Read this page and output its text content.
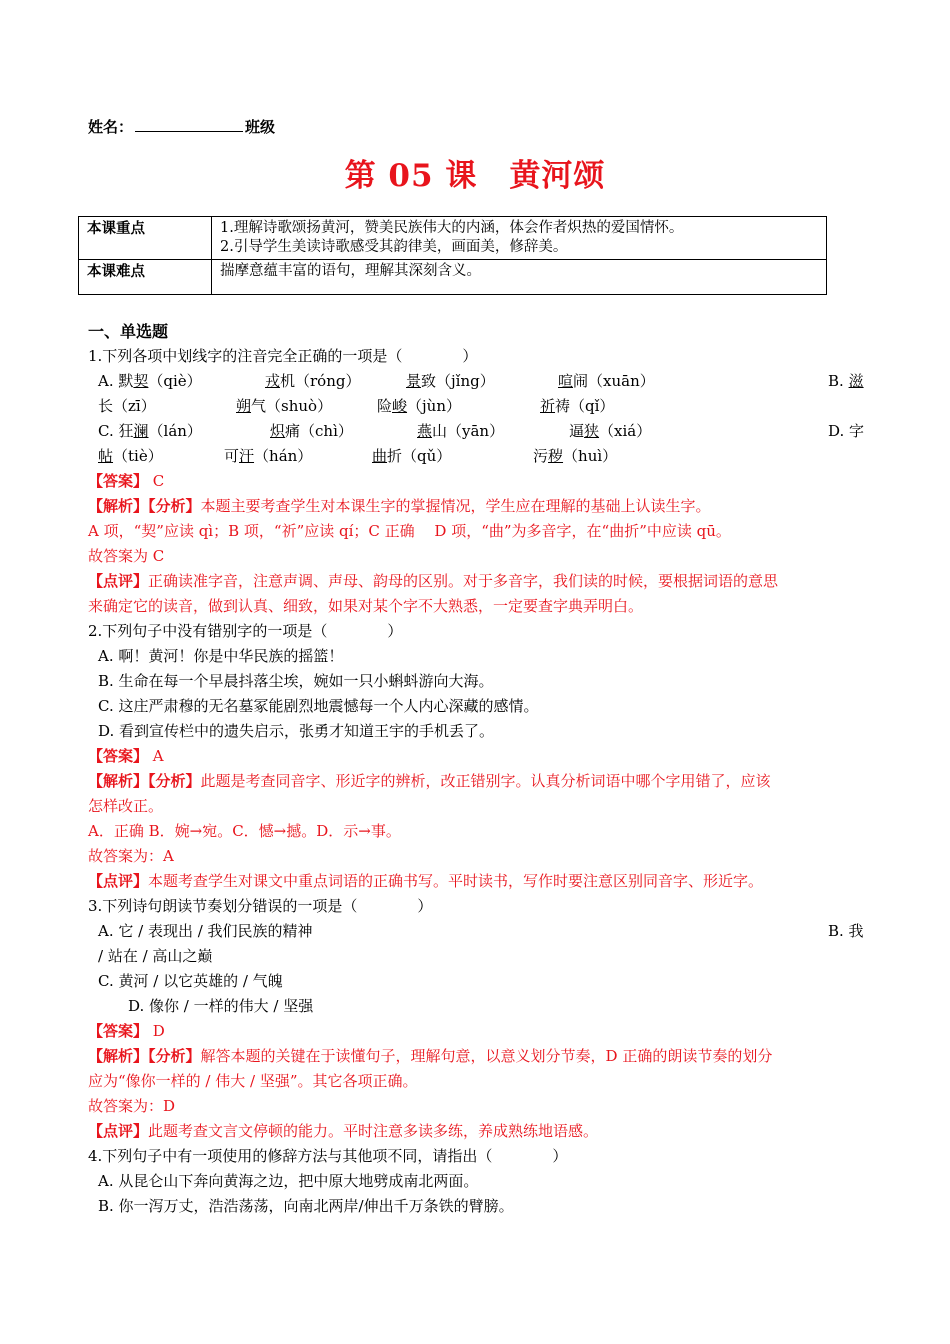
姓名：	班级
第 05 课　黄河颂
本课重点	1.理解诗歌颂扬黄河，赞美民族伟大的内涵，体会作者炽热的爱国情怀。
2.引导学生美读诗歌感受其韵律美，画面美，修辞美。

本课难点	揣摩意蕴丰富的语句，理解其深刻含义。
一、单选题
1.下列各项中划线字的注音完全正确的一项是（　　　　）
A. 默契（qiè）	戎机（róng）	景致（jǐng）	喧闹（xuān）	B. 滋
长（zī）	朔气（shuò）	险峻（jùn）	祈祷（qǐ）
C. 狂澜（lán）	炽痛（chì）	燕山（yān）	逼狭（xiá）	D. 字
帖（tiè）	可汗（hán）	曲折（qǔ）	污秽（huì）
【答案】 C
【解析】【分析】本题主要考查学生对本课生字的掌握情况，学生应在理解的基础上认读生字。
A 项，“契”应读 qì；B 项，“祈”应读 qí；C 正确　 D 项，“曲”为多音字，在“曲折”中应读 qū。
故答案为 C
【点评】正确读准字音，注意声调、声母、韵母的区别。对于多音字，我们读的时候，要根据词语的意思
来确定它的读音，做到认真、细致，如果对某个字不大熟悉，一定要查字典弄明白。
2.下列句子中没有错别字的一项是（　　　　）
A. 啊！黄河！你是中华民族的摇篮！
B. 生命在每一个早晨抖落尘埃，婉如一只小蝌蚪游向大海。
C. 这庄严肃穆的无名墓冢能剧烈地震憾每一个人内心深藏的感情。
D. 看到宣传栏中的遗失启示，张勇才知道王宇的手机丢了。
【答案】 A
【解析】【分析】此题是考查同音字、形近字的辨析，改正错别字。认真分析词语中哪个字用错了，应该
怎样改正。
A．正确 B．婉→宛。C．憾→撼。D．示→事。
故答案为：A
【点评】本题考查学生对课文中重点词语的正确书写。平时读书，写作时要注意区别同音字、形近字。
3.下列诗句朗读节奏划分错误的一项是（　　　　）
A. 它 / 表现出 / 我们民族的精神	B. 我
/ 站在 / 高山之巅
C. 黄河 / 以它英雄的 / 气魄
D. 像你 / 一样的伟大 / 坚强
【答案】 D
【解析】【分析】解答本题的关键在于读懂句子，理解句意，以意义划分节奏，D 正确的朗读节奏的划分
应为“像你一样的 / 伟大 / 坚强”。其它各项正确。
故答案为：D
【点评】此题考查文言文停顿的能力。平时注意多读多练，养成熟练地语感。
4.下列句子中有一项使用的修辞方法与其他项不同，请指出（　　　　）
A. 从昆仑山下奔向黄海之边，把中原大地劈成南北两面。
B. 你一泻万丈，浩浩荡荡，向南北两岸/伸出千万条铁的臂膀。
